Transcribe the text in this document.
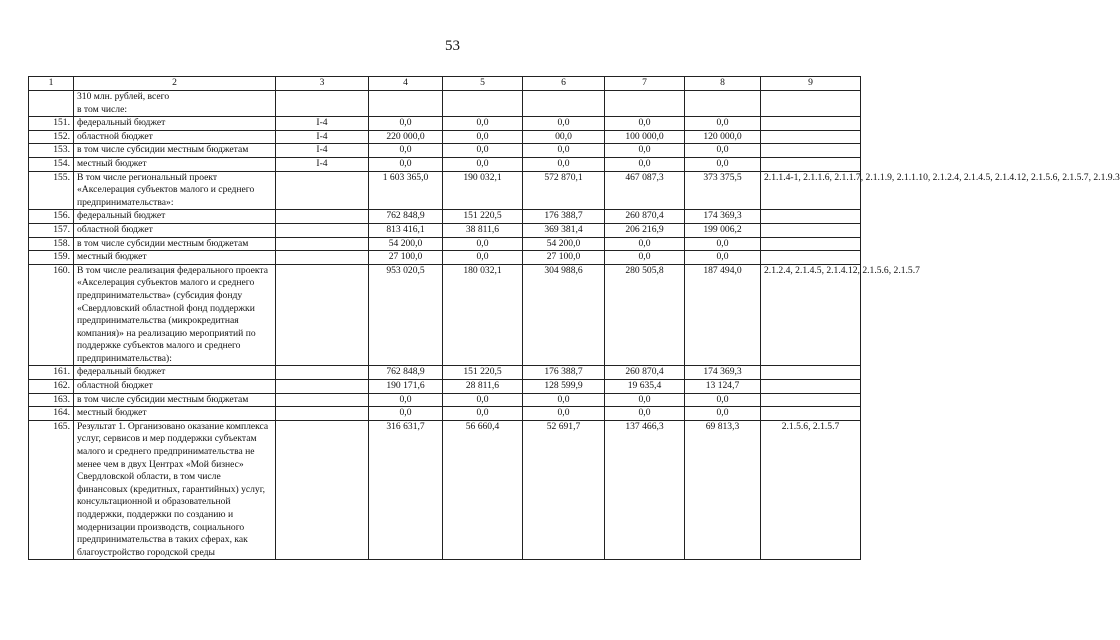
53
1	2	3	4	5	6	7	8	9
	310 млн. рублей, всего
в том числе:							
151.	федеральный бюджет	I-4	0,0	0,0	0,0	0,0	0,0	
152.	областной бюджет	I-4	220 000,0	0,0	00,0	100 000,0	120 000,0	
153.	в том числе субсидии местным бюджетам	I-4	0,0	0,0	0,0	0,0	0,0	
154.	местный бюджет	I-4	0,0	0,0	0,0	0,0	0,0	
155.	В том числе региональный проект «Акселерация субъектов малого и среднего предпринимательства»:		1 603 365,0	190 032,1	572 870,1	467 087,3	373 375,5	2.1.1.4-1, 2.1.1.6, 2.1.1.7, 2.1.1.9, 2.1.1.10, 2.1.2.4, 2.1.4.5, 2.1.4.12, 2.1.5.6, 2.1.5.7, 2.1.9.3
156.	федеральный бюджет		762 848,9	151 220,5	176 388,7	260 870,4	174 369,3	
157.	областной бюджет		813 416,1	38 811,6	369 381,4	206 216,9	199 006,2	
158.	в том числе субсидии местным бюджетам		54 200,0	0,0	54 200,0	0,0	0,0	
159.	местный бюджет		27 100,0	0,0	27 100,0	0,0	0,0	
160.	В том числе реализация федерального проекта «Акселерация субъектов малого и среднего предпринимательства» (субсидия фонду «Свердловский областной фонд поддержки предпринимательства (микрокредитная компания)» на реализацию мероприятий по поддержке субъектов малого и среднего предпринимательства):		953 020,5	180 032,1	304 988,6	280 505,8	187 494,0	2.1.2.4, 2.1.4.5, 2.1.4.12, 2.1.5.6, 2.1.5.7
161.	федеральный бюджет		762 848,9	151 220,5	176 388,7	260 870,4	174 369,3	
162.	областной бюджет		190 171,6	28 811,6	128 599,9	19 635,4	13 124,7	
163.	в том числе субсидии местным бюджетам		0,0	0,0	0,0	0,0	0,0	
164.	местный бюджет		0,0	0,0	0,0	0,0	0,0	
165.	Результат 1. Организовано оказание комплекса услуг, сервисов и мер поддержки субъектам малого и среднего предпринимательства не менее чем в двух Центрах «Мой бизнес» Свердловской области, в том числе финансовых (кредитных, гарантийных) услуг, консультационной и образовательной поддержки, поддержки по созданию и модернизации производств, социального предпринимательства в таких сферах, как благоустройство городской среды		316 631,7	56 660,4	52 691,7	137 466,3	69 813,3	2.1.5.6, 2.1.5.7
